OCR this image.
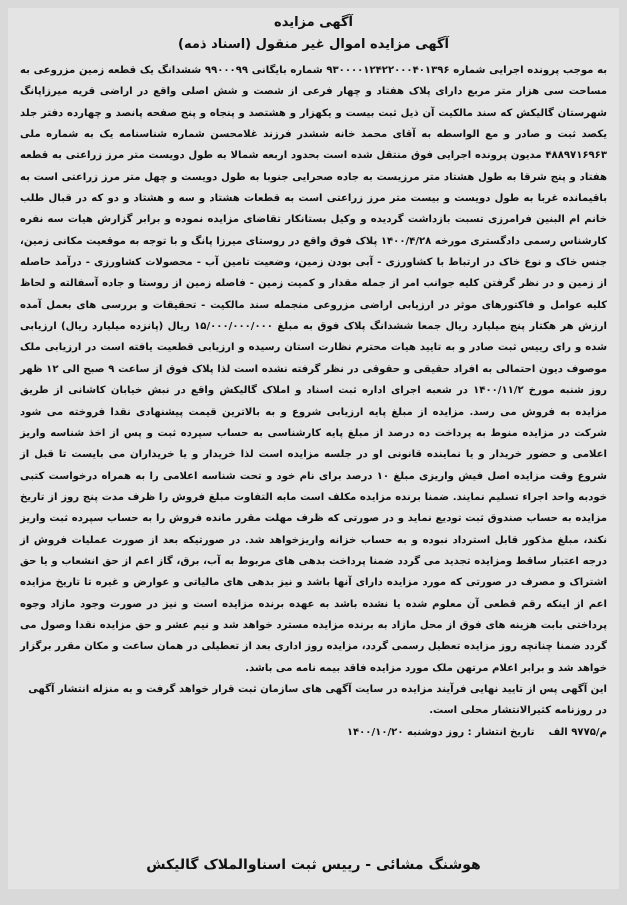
آگهی مزایده
آگهی مزایده اموال غیر منقول (اسناد ذمه)

به موجب پرونده اجرایی شماره ۹۳۰۰۰۰۱۲۴۲۲۰۰۰۴۰۱۳۹۶ شماره بایگانی ۹۹۰۰۰۹۹ ششدانگ یک قطعه زمین مزروعی به مساحت سی هزار متر مربع دارای پلاک هفتاد و چهار فرعی از شصت و شش اصلی واقع در اراضی قریه میرزاپانگ شهرستان گالیکش که سند مالکیت آن ذیل ثبت بیست و یکهزار و هشتصد و پنجاه و پنج صفحه پانصد و چهارده دفتر جلد یکصد ثبت و صادر و مع الواسطه به آقای محمد خانه ششدر فرزند غلامحسن شماره شناسنامه یک به شماره ملی ۴۸۸۹۷۱۶۹۶۳ مدیون پرونده اجرایی فوق منتقل شده است بحدود اربعه شمالا به طول دویست متر مرز زراعتی به قطعه هفتاد و پنج شرقا به طول هشتاد متر مرزیست به جاده صحرایی جنوبا به طول دویست و چهل متر مرز زراعتی است به باقیمانده غربا به طول دویست و بیست متر مرز زراعتی است به قطعات هشتاد و سه و هشتاد و دو که در قبال طلب خانم ام البنین فرامرزی تسبت بازداشت گردیده و وکیل بستانکار تقاضای مزایده نموده و برابر گزارش هیات سه نفره کارشناس رسمی دادگستری مورخه ۱۴۰۰/۴/۲۸ پلاک فوق واقع در روستای میرزا پانگ و با توجه به موقعیت مکانی زمین، جنس خاک و نوع خاک در ارتباط با کشاورزی - آبی بودن زمین، وضعیت تامین آب - محصولات کشاورزی - درآمد حاصله از زمین و در نظر گرفتن کلیه جوانب امر از جمله مقدار و کمیت زمین - فاصله زمین از روستا و جاده آسفالته و لحاظ کلیه عوامل و فاکتورهای موثر در ارزیابی اراضی مزروعی منجمله سند مالکیت - تحقیقات و بررسی های بعمل آمده ارزش هر هکتار پنج میلیارد ریال جمعا ششدانگ پلاک فوق به مبلغ ۱۵/۰۰۰/۰۰۰/۰۰۰ ریال (پانزده میلیارد ریال) ارزیابی شده و رای رییس ثبت صادر و به تایید هیات محترم نظارت استان رسیده و ارزیابی قطعیت یافته است در ارزیابی ملک موصوف دیون احتمالی به افراد حقیقی و حقوقی در نظر گرفته نشده است لذا پلاک فوق از ساعت ۹ صبح الی ۱۲ ظهر روز شنبه مورخ ۱۴۰۰/۱۱/۲ در شعبه اجرای اداره ثبت اسناد و املاک گالیکش واقع در نبش خیابان کاشانی از طریق مزایده به فروش می رسد. مزایده از مبلغ پایه ارزیابی شروع و به بالاترین قیمت پیشنهادی نقدا فروخته می شود شرکت در مزایده منوط به پرداخت ده درصد از مبلغ پایه کارشناسی به حساب سپرده ثبت و پس از اخذ شناسه واریز اعلامی و حضور خریدار و یا نماینده قانونی او در جلسه مزایده است لذا خریدار و یا خریداران می بایست تا قبل از شروع وقت مزایده اصل فیش واریزی مبلغ ۱۰ درصد برای نام خود و تحت شناسه اعلامی را به همراه درخواست کتبی خودبه واحد اجراء تسلیم نمایند. ضمنا برنده مزایده مکلف است مابه التفاوت مبلغ فروش را ظرف مدت پنج روز از تاریخ مزایده به حساب صندوق ثبت تودیع نماید و در صورتی که ظرف مهلت مقرر مانده فروش را به حساب سپرده ثبت واریز نکند، مبلغ مذکور قابل استرداد نبوده و به حساب خزانه واریزخواهد شد. در صورتیکه بعد از صورت عملیات فروش از درجه اعتبار ساقط ومزایده تجدید می گردد ضمنا پرداخت بدهی های مربوط به آب، برق، گاز اعم از حق انشعاب و یا حق اشتراک و مصرف در صورتی که مورد مزایده دارای آنها باشد و نیز بدهی های مالیاتی و عوارض و غیره تا تاریخ مزایده اعم از اینکه رقم قطعی آن معلوم شده یا نشده باشد به عهده برنده مزایده است و نیز در صورت وجود مازاد وجوه پرداختی بابت هزینه های فوق از محل مازاد به برنده مزایده مسترد خواهد شد و نیم عشر و حق مزایده نقدا وصول می گردد ضمنا چنانچه روز مزایده تعطیل رسمی گردد، مزایده روز اداری بعد از تعطیلی در همان ساعت و مکان مقرر برگزار خواهد شد و برابر اعلام مرتهن ملک مورد مزایده فاقد بیمه نامه می باشد.

این آگهی پس از تایید نهایی فرآیند مزایده در سایت آگهی های سازمان ثبت قرار خواهد گرفت و به منزله انتشار آگهی در روزنامه کثیرالانتشار محلی است.

م/۹۷۷۵ الف
تاریخ انتشار : روز دوشنبه ۱۴۰۰/۱۰/۲۰
هوشنگ مشائی - رییس ثبت اسناوالملاک گالیکش
